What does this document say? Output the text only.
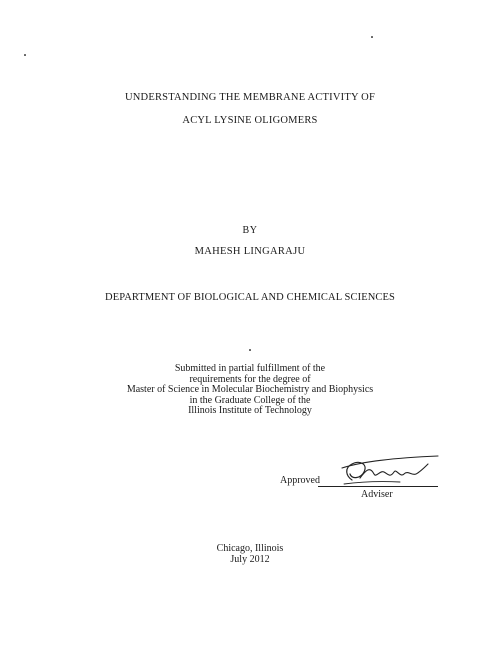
UNDERSTANDING THE MEMBRANE ACTIVITY OF
ACYL LYSINE OLIGOMERS
BY
MAHESH LINGARAJU
DEPARTMENT OF BIOLOGICAL AND CHEMICAL SCIENCES
Submitted in partial fulfillment of the
requirements for the degree of
Master of Science in Molecular Biochemistry and Biophysics
in the Graduate College of the
Illinois Institute of Technology
Approved
Adviser
Chicago, Illinois
July 2012
